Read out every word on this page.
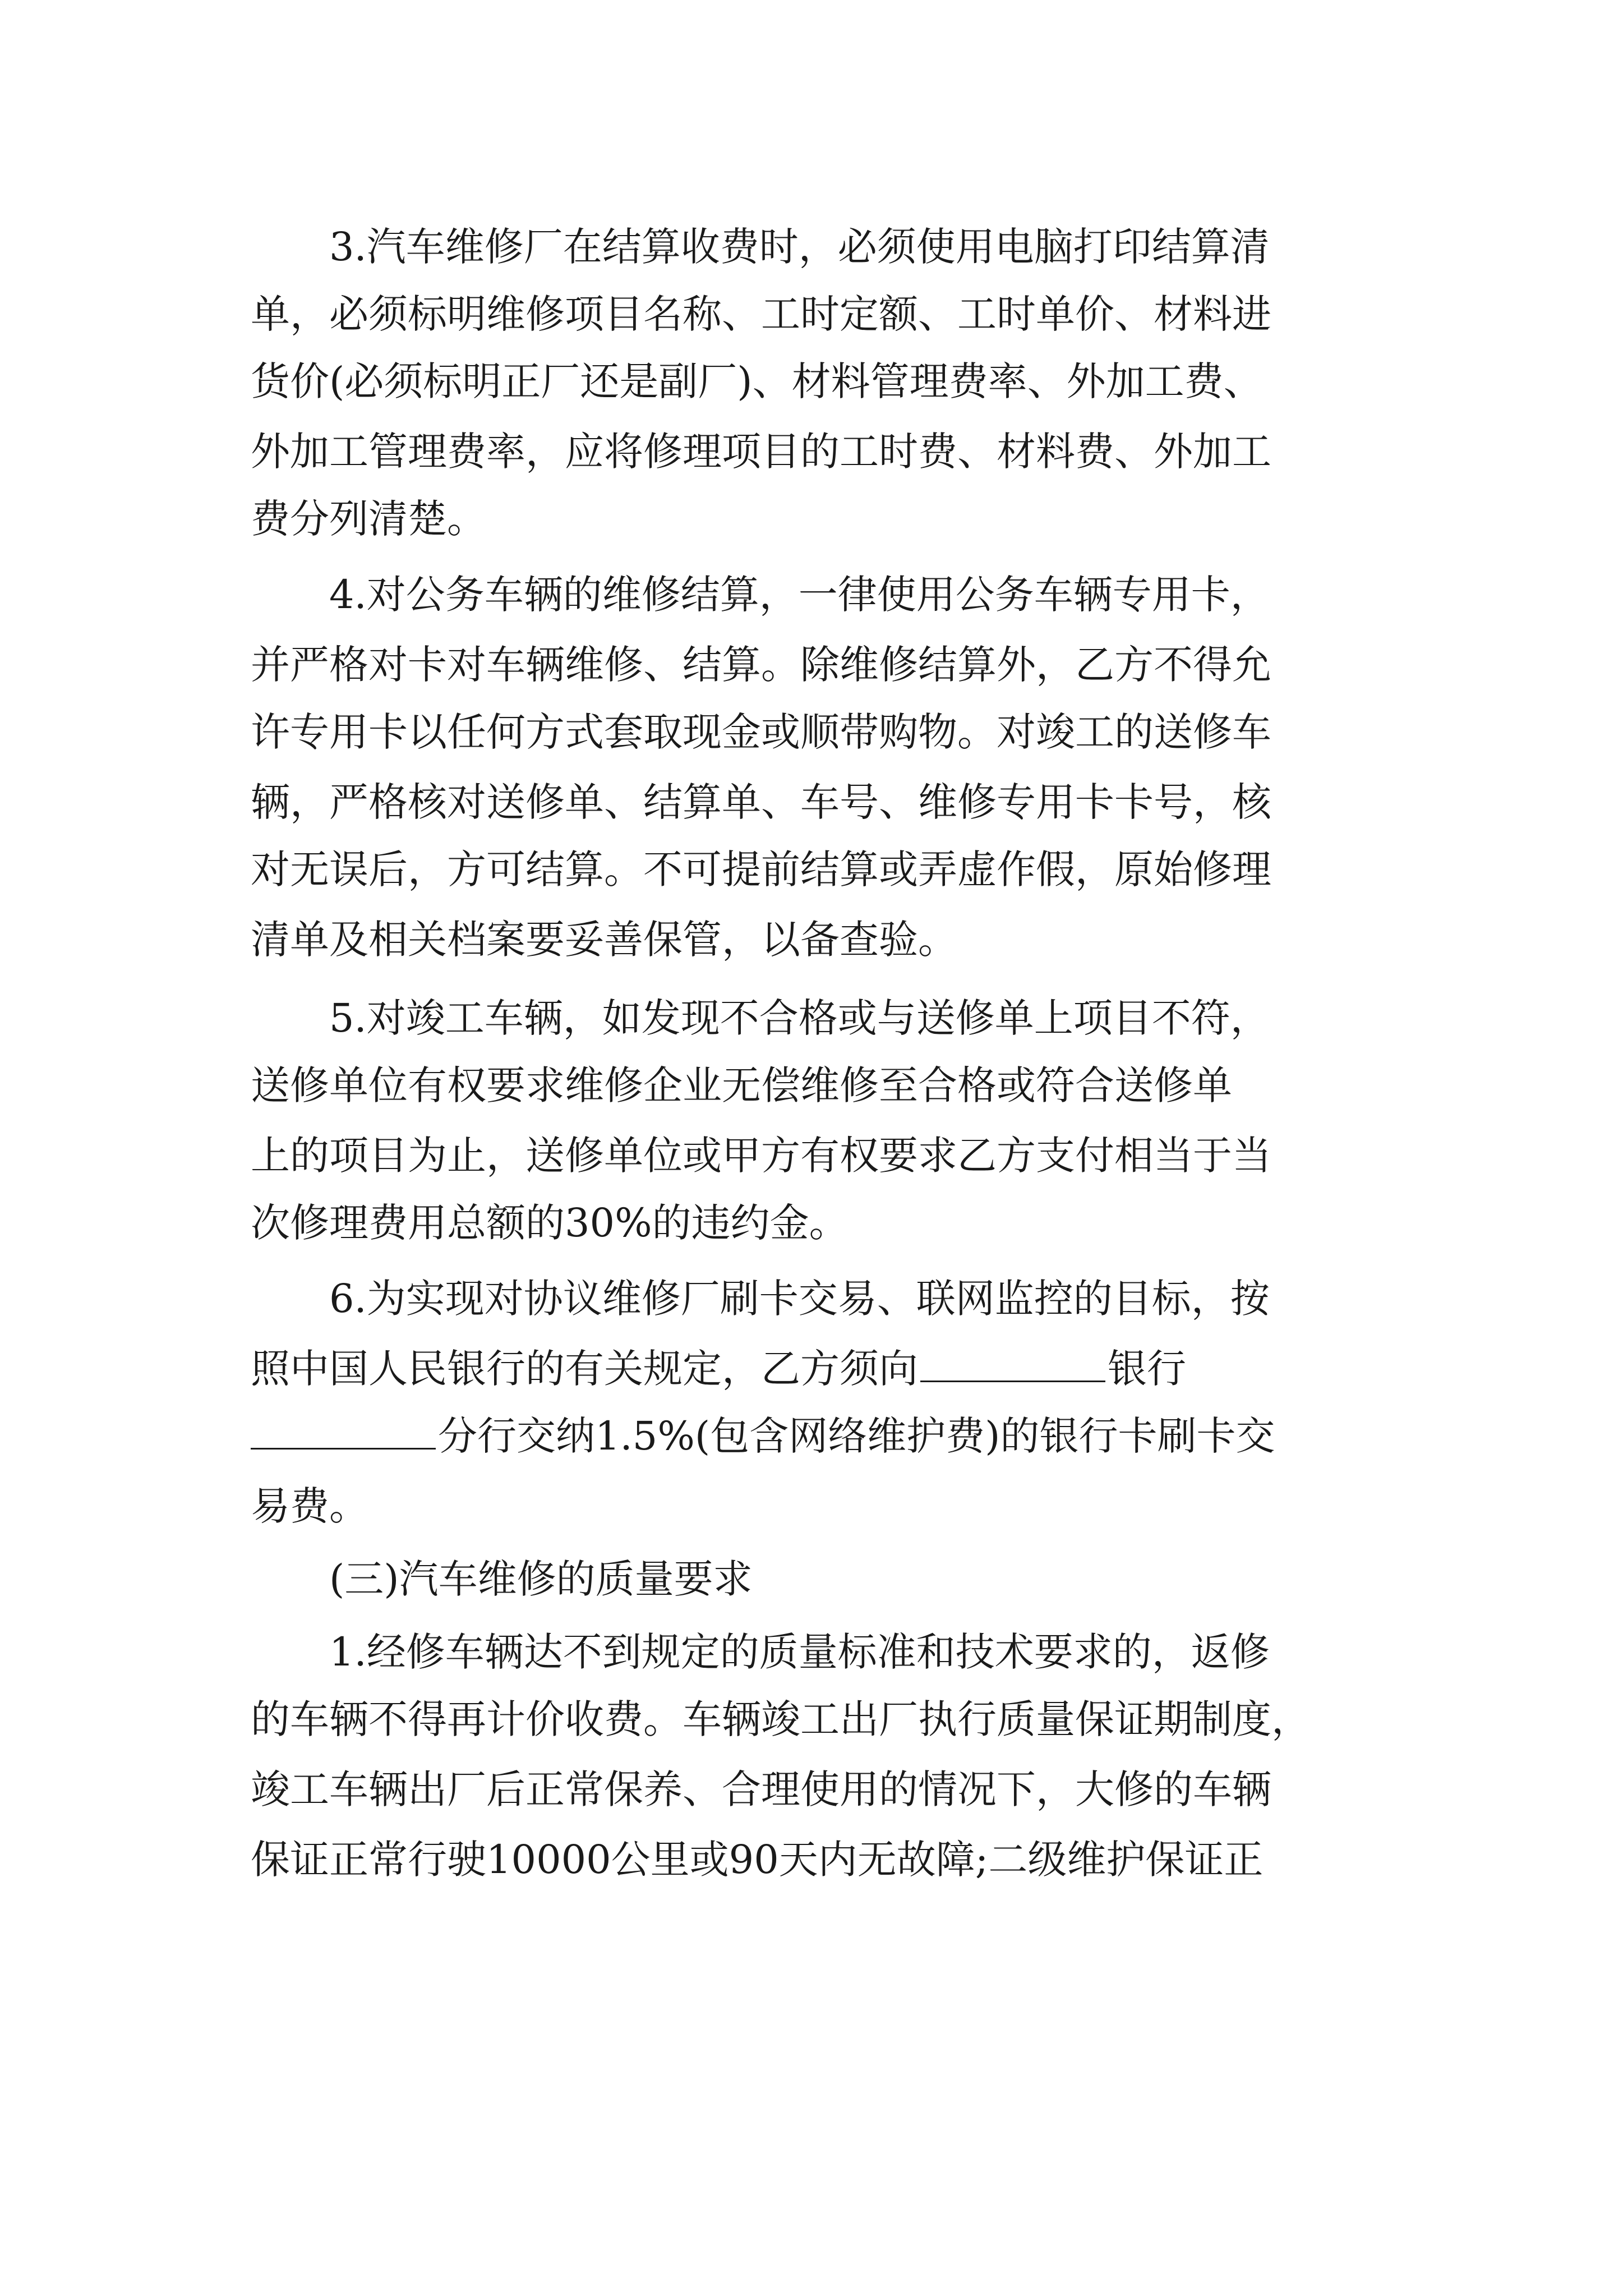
3.汽车维修厂在结算收费时，必须使用电脑打印结算清
单，必须标明维修项目名称、工时定额、工时单价、材料进
货价(必须标明正厂还是副厂)、材料管理费率、外加工费、
外加工管理费率，应将修理项目的工时费、材料费、外加工
费分列清楚。
4.对公务车辆的维修结算，一律使用公务车辆专用卡，
并严格对卡对车辆维修、结算。除维修结算外，乙方不得允
许专用卡以任何方式套取现金或顺带购物。对竣工的送修车
辆，严格核对送修单、结算单、车号、维修专用卡卡号，核
对无误后，方可结算。不可提前结算或弄虚作假，原始修理
清单及相关档案要妥善保管，以备查验。
5.对竣工车辆，如发现不合格或与送修单上项目不符，
送修单位有权要求维修企业无偿维修至合格或符合送修单
上的项目为止，送修单位或甲方有权要求乙方支付相当于当
次修理费用总额的30%的违约金。
6.为实现对协议维修厂刷卡交易、联网监控的目标，按
照中国人民银行的有关规定，乙方须向	银行
分行交纳1.5%(包含网络维护费)的银行卡刷卡交
易费。
(三)汽车维修的质量要求
1.经修车辆达不到规定的质量标准和技术要求的，返修
的车辆不得再计价收费。车辆竣工出厂执行质量保证期制度，
竣工车辆出厂后正常保养、合理使用的情况下，大修的车辆
保证正常行驶10000公里或90天内无故障;二级维护保证正
